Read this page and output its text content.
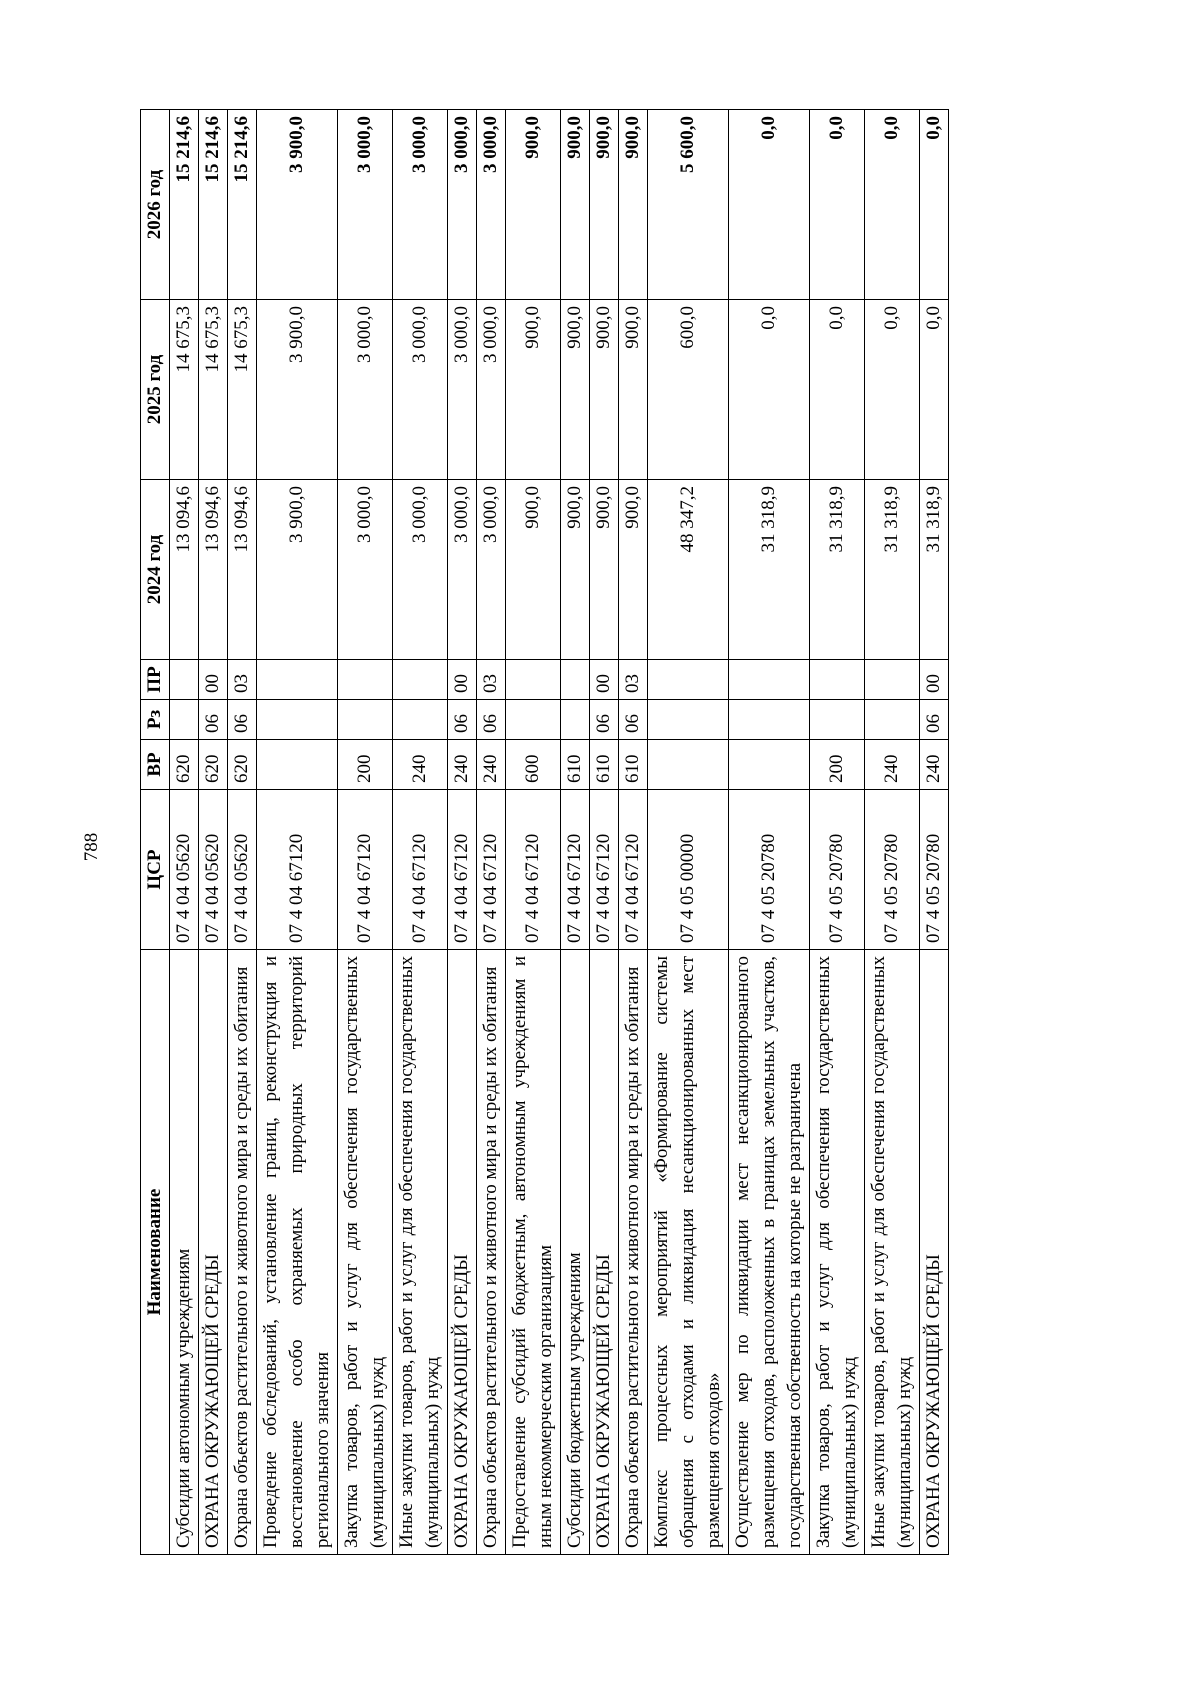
788
Наименование	ЦСР	ВР	Рз	ПР	2024 год	2025 год	2026 год
Субсидии автономным учреждениям	07 4 04 05620	620			13 094,6	14 675,3	15 214,6
ОХРАНА ОКРУЖАЮЩЕЙ СРЕДЫ	07 4 04 05620	620	06	00	13 094,6	14 675,3	15 214,6
Охрана объектов растительного и животного мира и среды их обитания	07 4 04 05620	620	06	03	13 094,6	14 675,3	15 214,6
Проведение обследований, установление границ, реконструкция и восстановление особо охраняемых природных территорий регионального значения	07 4 04 67120				3 900,0	3 900,0	3 900,0
Закупка товаров, работ и услуг для обеспечения государственных (муниципальных) нужд	07 4 04 67120	200			3 000,0	3 000,0	3 000,0
Иные закупки товаров, работ и услуг для обеспечения государственных (муниципальных) нужд	07 4 04 67120	240			3 000,0	3 000,0	3 000,0
ОХРАНА ОКРУЖАЮЩЕЙ СРЕДЫ	07 4 04 67120	240	06	00	3 000,0	3 000,0	3 000,0
Охрана объектов растительного и животного мира и среды их обитания	07 4 04 67120	240	06	03	3 000,0	3 000,0	3 000,0
Предоставление субсидий бюджетным, автономным учреждениям и иным некоммерческим организациям	07 4 04 67120	600			900,0	900,0	900,0
Субсидии бюджетным учреждениям	07 4 04 67120	610			900,0	900,0	900,0
ОХРАНА ОКРУЖАЮЩЕЙ СРЕДЫ	07 4 04 67120	610	06	00	900,0	900,0	900,0
Охрана объектов растительного и животного мира и среды их обитания	07 4 04 67120	610	06	03	900,0	900,0	900,0
Комплекс процессных мероприятий «Формирование системы обращения с отходами и ликвидация несанкционированных мест размещения отходов»	07 4 05 00000				48 347,2	600,0	5 600,0
Осуществление мер по ликвидации мест несанкционированного размещения отходов, расположенных в границах земельных участков, государственная собственность на которые не разграничена	07 4 05 20780				31 318,9	0,0	0,0
Закупка товаров, работ и услуг для обеспечения государственных (муниципальных) нужд	07 4 05 20780	200			31 318,9	0,0	0,0
Иные закупки товаров, работ и услуг для обеспечения государственных (муниципальных) нужд	07 4 05 20780	240			31 318,9	0,0	0,0
ОХРАНА ОКРУЖАЮЩЕЙ СРЕДЫ	07 4 05 20780	240	06	00	31 318,9	0,0	0,0
